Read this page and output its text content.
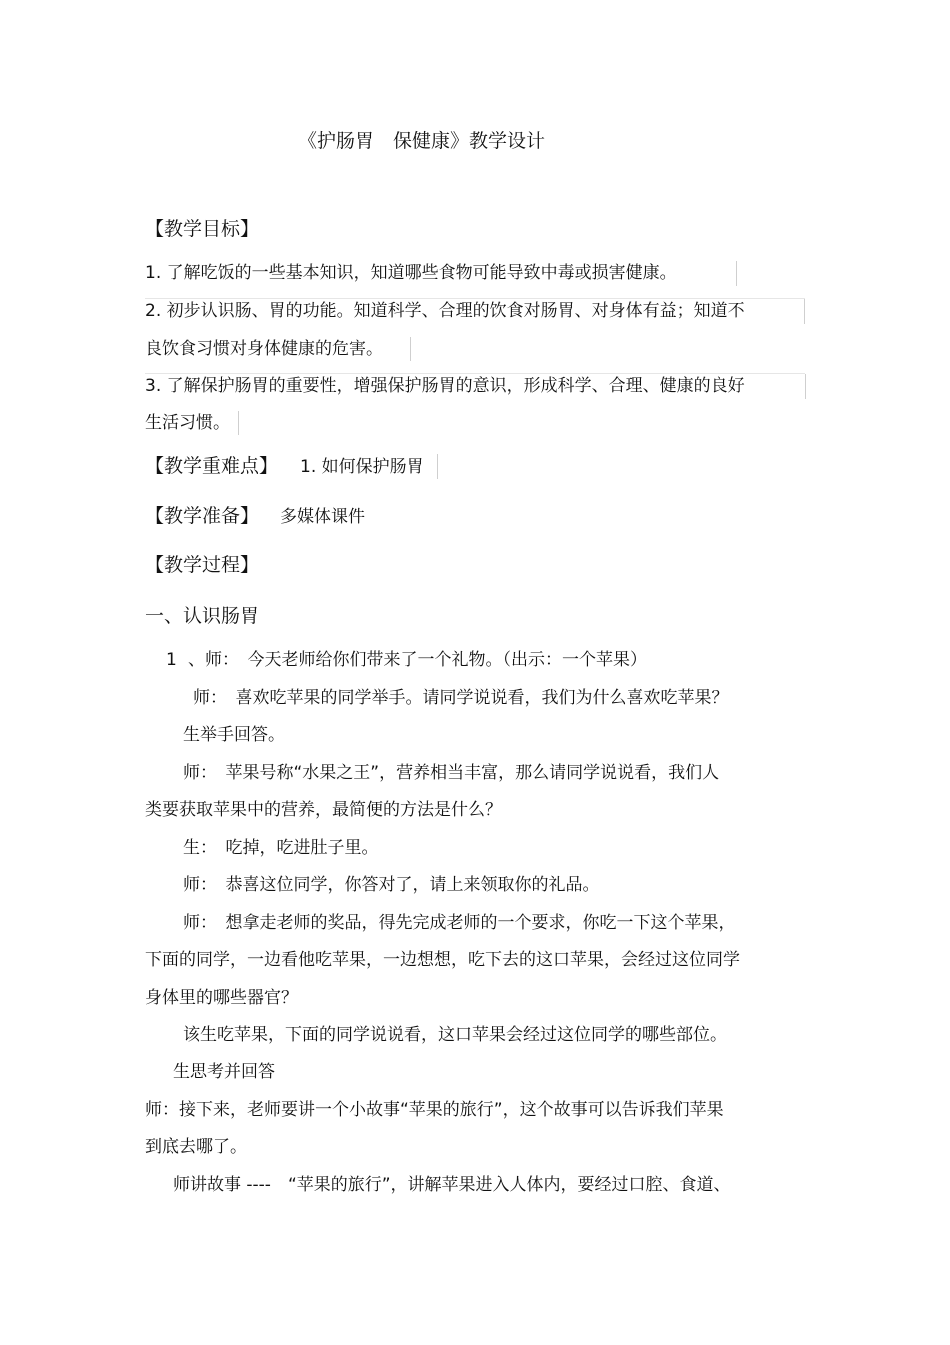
《护肠胃　保健康》教学设计
【教学目标】
1. 了解吃饭的一些基本知识，知道哪些食物可能导致中毒或损害健康。
2. 初步认识肠、胃的功能。知道科学、合理的饮食对肠胃、对身体有益；知道不
良饮食习惯对身体健康的危害。
3. 了解保护肠胃的重要性，增强保护肠胃的意识，形成科学、合理、健康的良好
生活习惯。
【教学重难点】 1. 如何保护肠胃
【教学准备】 多媒体课件
【教学过程】
一、认识肠胃
1 、师：　今天老师给你们带来了一个礼物。（出示：一个苹果）
师：　喜欢吃苹果的同学举手。请同学说说看，我们为什么喜欢吃苹果？
生举手回答。
师：　苹果号称“水果之王”，营养相当丰富，那么请同学说说看，我们人
类要获取苹果中的营养，最简便的方法是什么？
生：　吃掉，吃进肚子里。
师：　恭喜这位同学，你答对了，请上来领取你的礼品。
师：　想拿走老师的奖品，得先完成老师的一个要求，你吃一下这个苹果，
下面的同学，一边看他吃苹果，一边想想，吃下去的这口苹果，会经过这位同学
身体里的哪些器官？
该生吃苹果，下面的同学说说看，这口苹果会经过这位同学的哪些部位。
生思考并回答
师：接下来，老师要讲一个小故事“苹果的旅行”，这个故事可以告诉我们苹果
到底去哪了。
师讲故事 ----　“苹果的旅行”，讲解苹果进入人体内，要经过口腔、食道、
